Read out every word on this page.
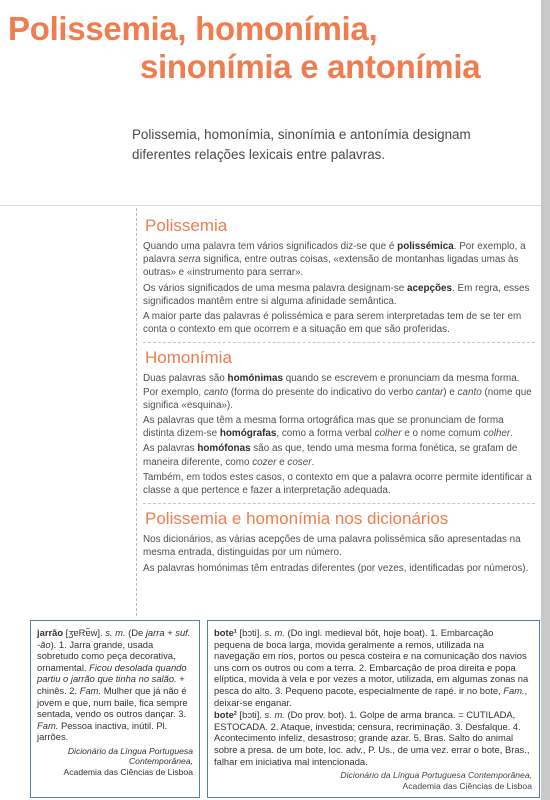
Polissemia, homonímia,
sinonímia e antonímia

Polissemia, homonímia, sinonímia e antonímia designam diferentes relações lexicais entre palavras.

Polissemia

Quando uma palavra tem vários significados diz-se que é polissémica. Por exemplo, a palavra serra significa, entre outras coisas, «extensão de montanhas ligadas umas às outras» e «instrumento para serrar».

Os vários significados de uma mesma palavra designam-se acepções. Em regra, esses significados mantêm entre si alguma afinidade semântica.

A maior parte das palavras é polissémica e para serem interpretadas tem de se ter em conta o contexto em que ocorrem e a situação em que são proferidas.

Homonímia

Duas palavras são homónimas quando se escrevem e pronunciam da mesma forma. Por exemplo, canto (forma do presente do indicativo do verbo cantar) e canto (nome que significa «esquina»).

As palavras que têm a mesma forma ortográfica mas que se pronunciam de forma distinta dizem-se homógrafas, como a forma verbal colher e o nome comum colher.

As palavras homófonas são as que, tendo uma mesma forma fonética, se grafam de maneira diferente, como cozer e coser.

Também, em todos estes casos, o contexto em que a palavra ocorre permite identificar a classe a que pertence e fazer a interpretação adequada.

Polissemia e homonímia nos dicionários

Nos dicionários, as várias acepções de uma palavra polissémica são apresentadas na mesma entrada, distinguidas por um número.

As palavras homónimas têm entradas diferentes (por vezes, identificadas por números).

jarrão [ʒɐRɐ̃w]. s. m. (De jarra + suf. -ão). 1. Jarra grande, usada sobretudo como peça decorativa, ornamental. Ficou desolada quando partiu o jarrão que tinha no salão. + chinês. 2. Fam. Mulher que já não é jovem e que, num baile, fica sempre sentada, vendo os outros dançar. 3. Fam. Pessoa inactiva, inútil. Pl. jarrões.

Dicionário da Língua Portuguesa Contemporânea,
Academia das Ciências de Lisboa

bote¹ [bɔti]. s. m. (Do ingl. medieval bōt, hoje boat). 1. Embarcação pequena de boca larga, movida geralmente a remos, utilizada na navegação em rios, portos ou pesca costeira e na comunicação dos navios uns com os outros ou com a terra. 2. Embarcação de proa direita e popa elíptica, movida à vela e por vezes a motor, utilizada, em algumas zonas na pesca do alto. 3. Pequeno pacote, especialmente de rapé. ir no bote, Fam., deixar-se enganar.

bote² [bɔti]. s. m. (Do prov. bot). 1. Golpe de arma branca. = CUTILADA, ESTOCADA. 2. Ataque, investida; censura, recriminação. 3. Desfalque. 4. Acontecimento infeliz, desastroso; grande azar. 5. Bras. Salto do animal sobre a presa. de um bote, loc. adv., P. Us., de uma vez. errar o bote, Bras., falhar em iniciativa mal intencionada.

Dicionário da Língua Portuguesa Contemporânea,
Academia das Ciências de Lisboa
